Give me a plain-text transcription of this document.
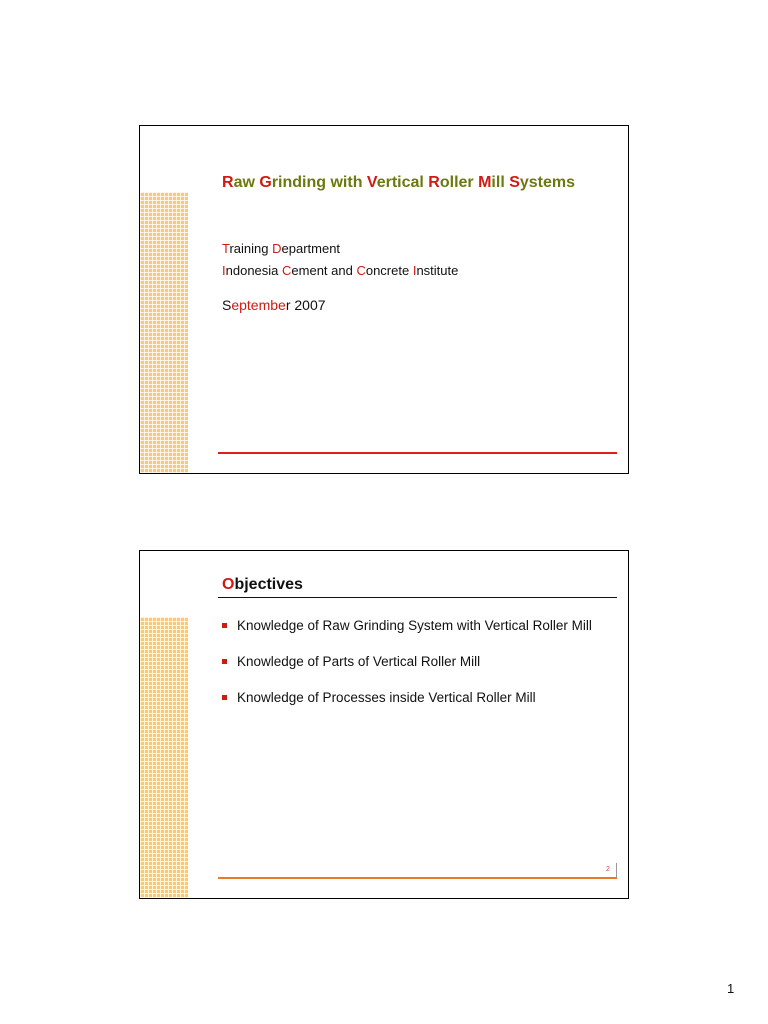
Raw Grinding with Vertical Roller Mill Systems
Training Department
Indonesia Cement and Concrete Institute
September 2007
Objectives
Knowledge of Raw Grinding System with Vertical Roller Mill
Knowledge of Parts of Vertical Roller Mill
Knowledge of Processes inside Vertical Roller Mill
2
1
